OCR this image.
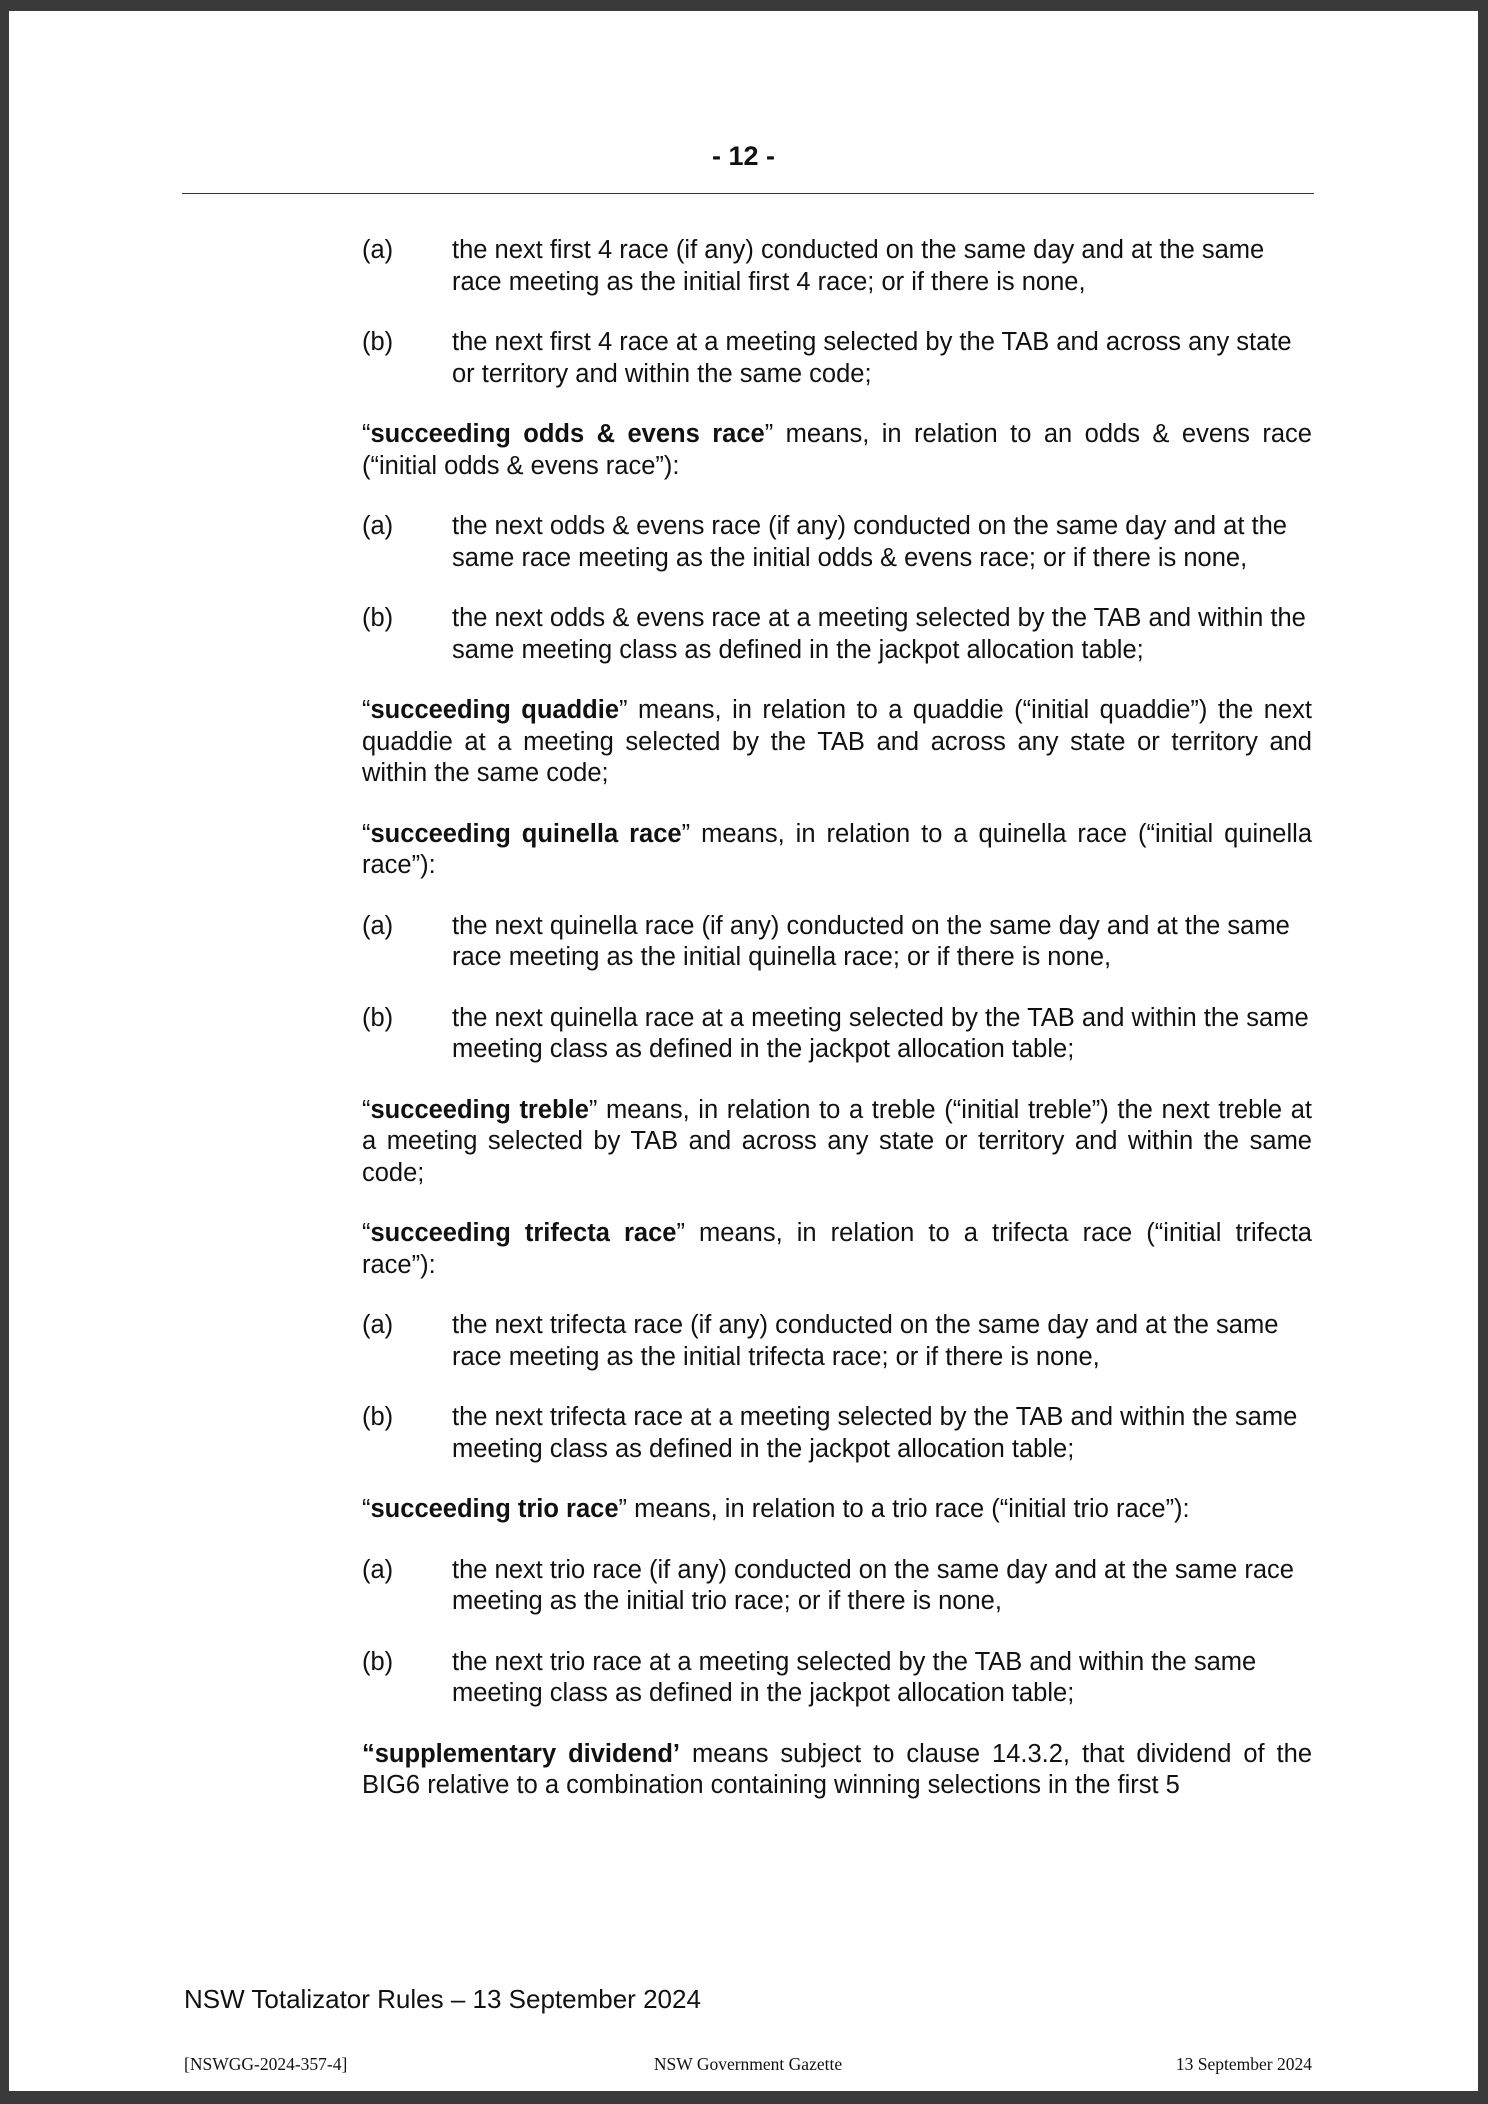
- 12 -
(a) the next first 4 race (if any) conducted on the same day and at the same race meeting as the initial first 4 race; or if there is none,
(b) the next first 4 race at a meeting selected by the TAB and across any state or territory and within the same code;

“succeeding odds & evens race” means, in relation to an odds & evens race (“initial odds & evens race”):

(a) the next odds & evens race (if any) conducted on the same day and at the same race meeting as the initial odds & evens race; or if there is none,
(b) the next odds & evens race at a meeting selected by the TAB and within the same meeting class as defined in the jackpot allocation table;

“succeeding quaddie” means, in relation to a quaddie (“initial quaddie”) the next quaddie at a meeting selected by the TAB and across any state or territory and within the same code;

“succeeding quinella race” means, in relation to a quinella race (“initial quinella race”):

(a) the next quinella race (if any) conducted on the same day and at the same race meeting as the initial quinella race; or if there is none,
(b) the next quinella race at a meeting selected by the TAB and within the same meeting class as defined in the jackpot allocation table;

“succeeding treble” means, in relation to a treble (“initial treble”) the next treble at a meeting selected by TAB and across any state or territory and within the same code;

“succeeding trifecta race” means, in relation to a trifecta race (“initial trifecta race”):

(a) the next trifecta race (if any) conducted on the same day and at the same race meeting as the initial trifecta race; or if there is none,
(b) the next trifecta race at a meeting selected by the TAB and within the same meeting class as defined in the jackpot allocation table;

“succeeding trio race” means, in relation to a trio race (“initial trio race”):

(a) the next trio race (if any) conducted on the same day and at the same race meeting as the initial trio race; or if there is none,
(b) the next trio race at a meeting selected by the TAB and within the same meeting class as defined in the jackpot allocation table;

“supplementary dividend’ means subject to clause 14.3.2, that dividend of the BIG6 relative to a combination containing winning selections in the first 5

NSW Totalizator Rules – 13 September 2024
[NSWGG-2024-357-4]	NSW Government Gazette	13 September 2024
